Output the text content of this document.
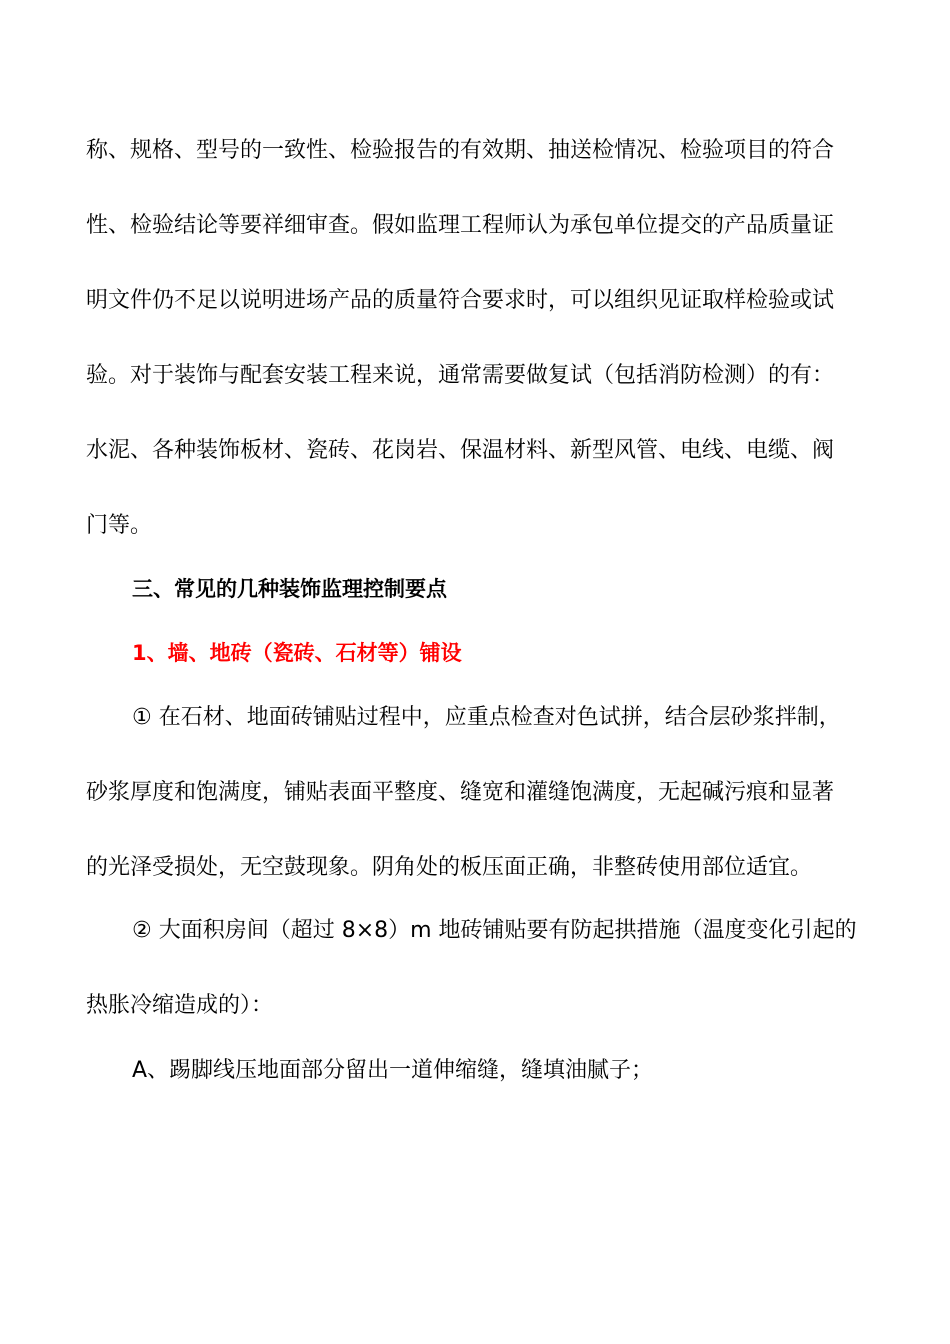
称、规格、型号的一致性、检验报告的有效期、抽送检情况、检验项目的符合
性、检验结论等要祥细审查。假如监理工程师认为承包单位提交的产品质量证
明文件仍不足以说明进场产品的质量符合要求时，可以组织见证取样检验或试
验。对于装饰与配套安装工程来说，通常需要做复试（包括消防检测）的有：
水泥、各种装饰板材、瓷砖、花岗岩、保温材料、新型风管、电线、电缆、阀
门等。
三、常见的几种装饰监理控制要点
1、墙、地砖（瓷砖、石材等）铺设
① 在石材、地面砖铺贴过程中，应重点检查对色试拼，结合层砂浆拌制，
砂浆厚度和饱满度，铺贴表面平整度、缝宽和灌缝饱满度，无起碱污痕和显著
的光泽受损处，无空鼓现象。阴角处的板压面正确，非整砖使用部位适宜。
② 大面积房间（超过 8×8）m 地砖铺贴要有防起拱措施（温度变化引起的
热胀冷缩造成的）：
A、踢脚线压地面部分留出一道伸缩缝，缝填油腻子；
